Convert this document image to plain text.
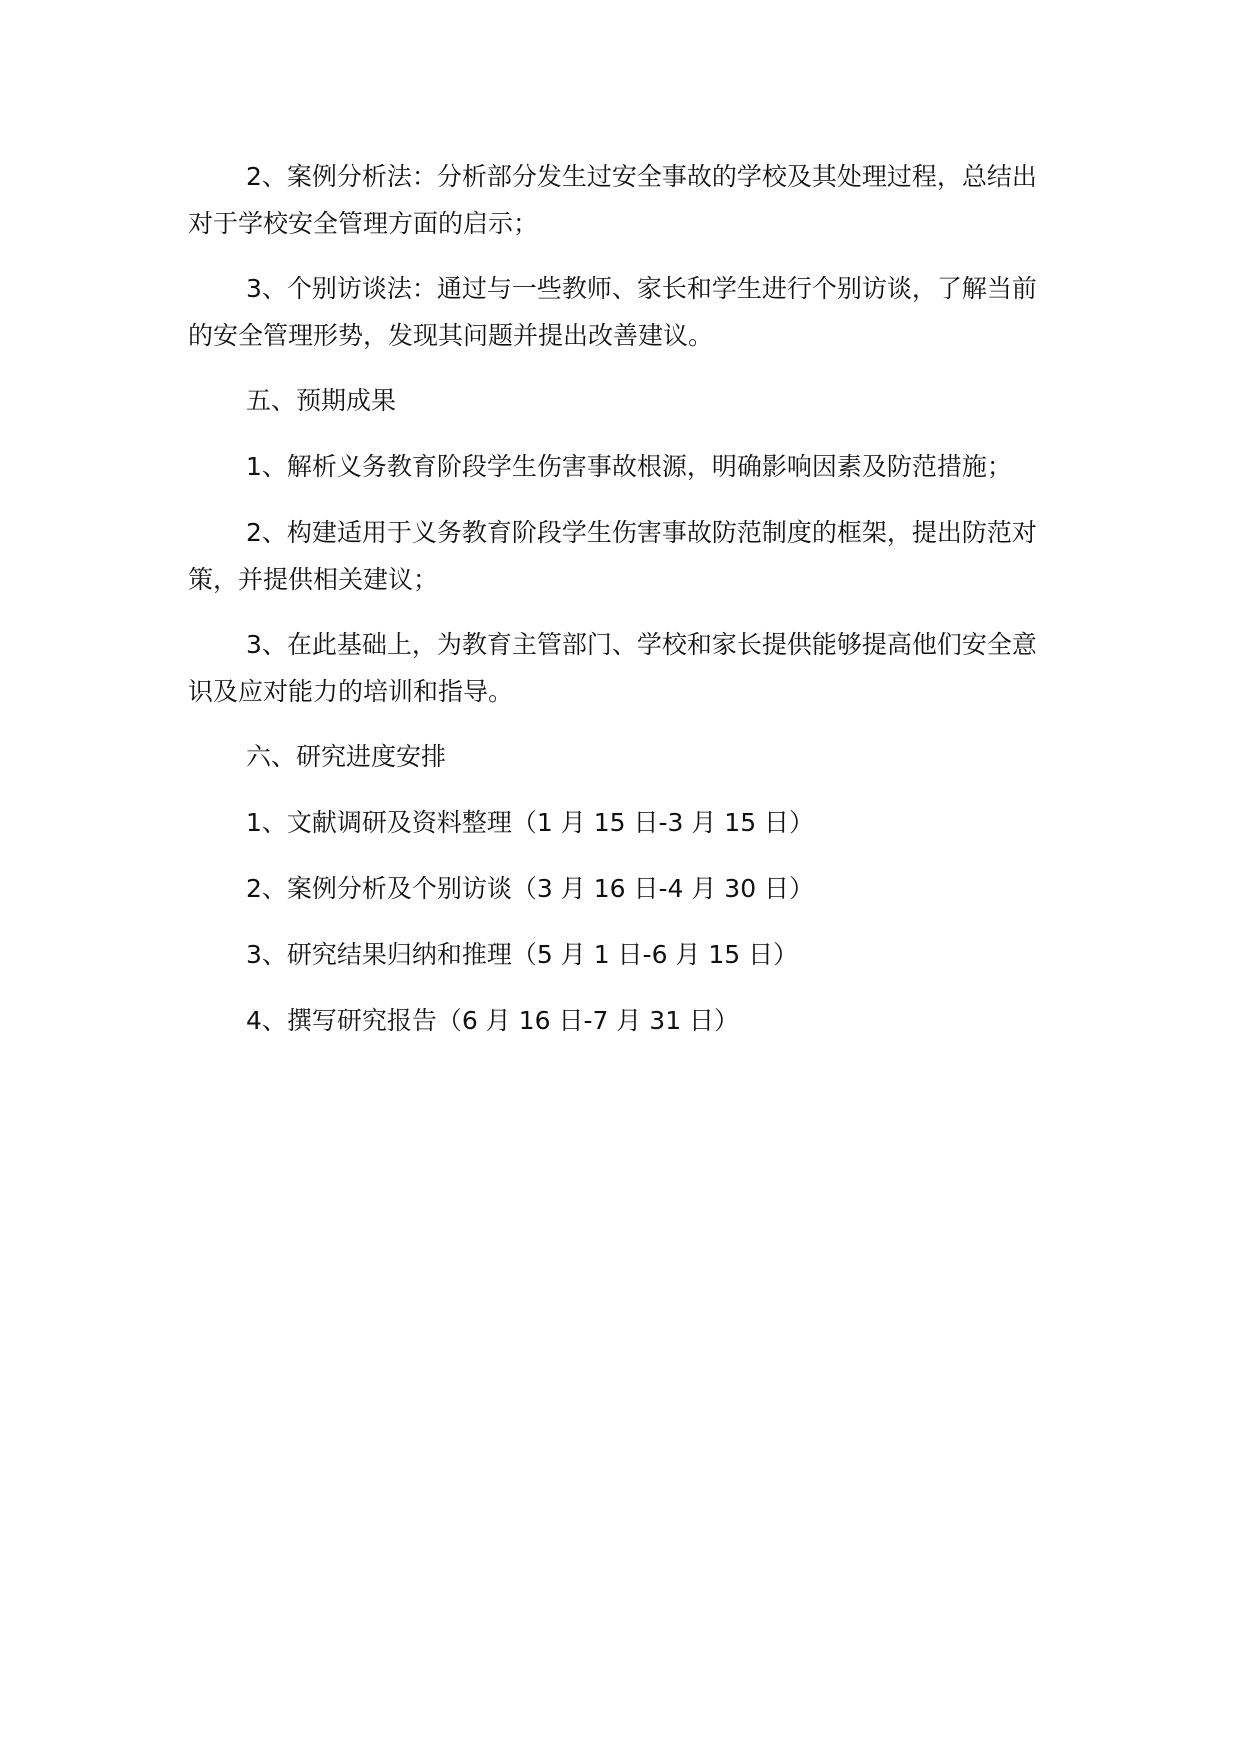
2、案例分析法：分析部分发生过安全事故的学校及其处理过程，总结出对于学校安全管理方面的启示；

3、个别访谈法：通过与一些教师、家长和学生进行个别访谈，了解当前的安全管理形势，发现其问题并提出改善建议。

五、预期成果

1、解析义务教育阶段学生伤害事故根源，明确影响因素及防范措施；

2、构建适用于义务教育阶段学生伤害事故防范制度的框架，提出防范对策，并提供相关建议；

3、在此基础上，为教育主管部门、学校和家长提供能够提高他们安全意识及应对能力的培训和指导。

六、研究进度安排

1、文献调研及资料整理（1 月 15 日-3 月 15 日）

2、案例分析及个别访谈（3 月 16 日-4 月 30 日）

3、研究结果归纳和推理（5 月 1 日-6 月 15 日）

4、撰写研究报告（6 月 16 日-7 月 31 日）
